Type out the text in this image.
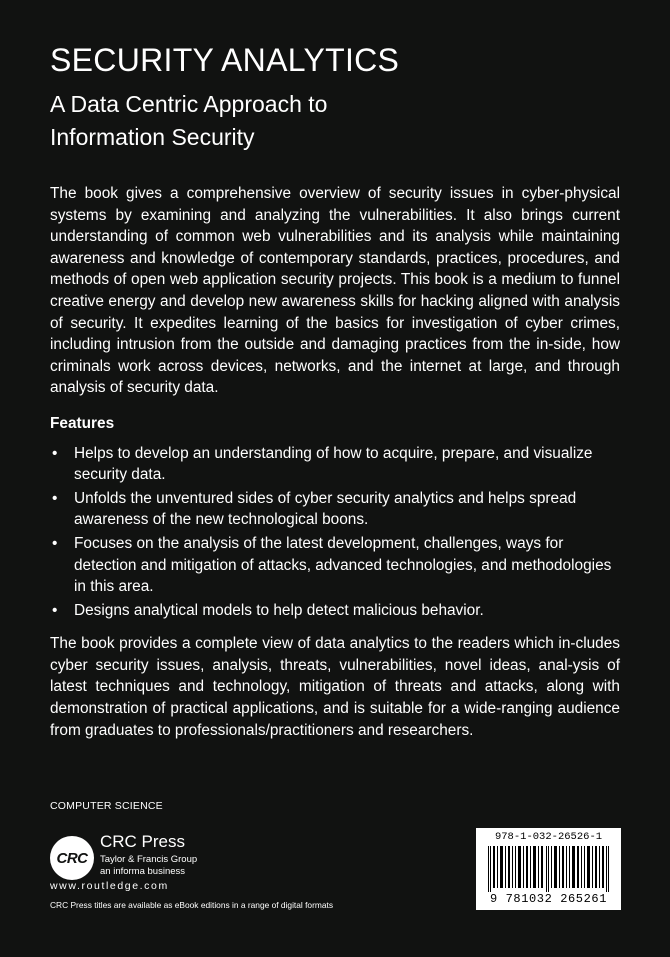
SECURITY ANALYTICS
A Data Centric Approach to
Information Security

The book gives a comprehensive overview of security issues in cyber-physical systems by examining and analyzing the vulnerabilities. It also brings current understanding of common web vulnerabilities and its analysis while maintaining awareness and knowledge of contemporary standards, practices, procedures, and methods of open web application security projects. This book is a medium to funnel creative energy and develop new awareness skills for hacking aligned with analysis of security. It expedites learning of the basics for investigation of cyber crimes, including intrusion from the outside and damaging practices from the in-side, how criminals work across devices, networks, and the internet at large, and through analysis of security data.

Features
• Helps to develop an understanding of how to acquire, prepare, and visualize security data.
• Unfolds the unventured sides of cyber security analytics and helps spread awareness of the new technological boons.
• Focuses on the analysis of the latest development, challenges, ways for detection and mitigation of attacks, advanced technologies, and methodologies in this area.
• Designs analytical models to help detect malicious behavior.

The book provides a complete view of data analytics to the readers which in-cludes cyber security issues, analysis, threats, vulnerabilities, novel ideas, anal-ysis of latest techniques and technology, mitigation of threats and attacks, along with demonstration of practical applications, and is suitable for a wide-ranging audience from graduates to professionals/practitioners and researchers.

COMPUTER SCIENCE
CRC
CRC Press
Taylor & Francis Group
an informa business
www.routledge.com
CRC Press titles are available as eBook editions in a range of digital formats
978-1-032-26526-1
9 781032 265261
